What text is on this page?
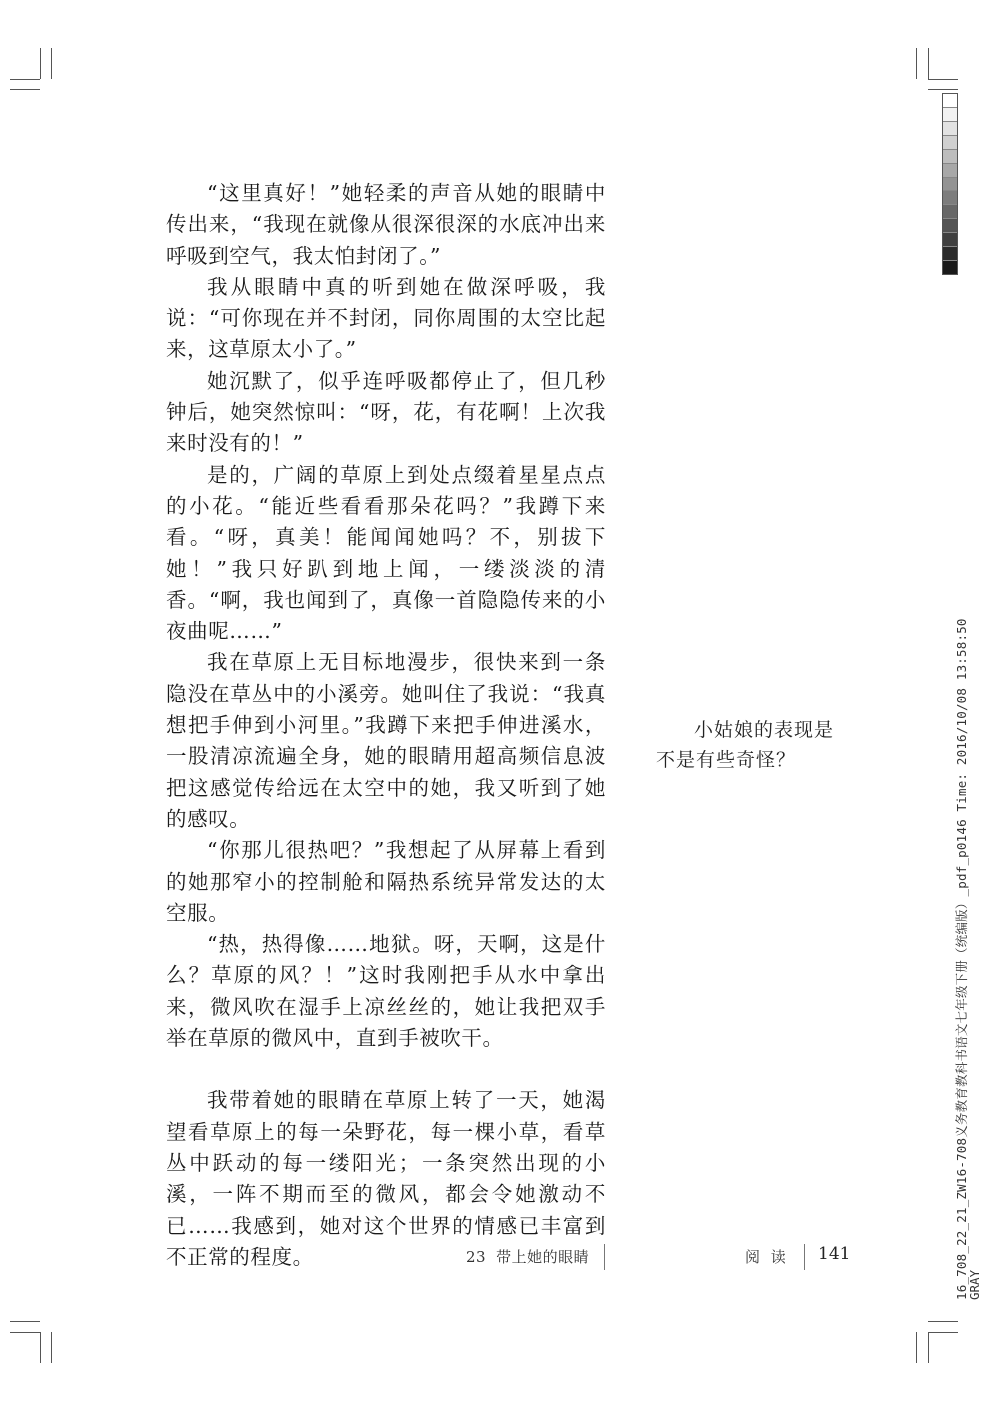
“这里真好！”她轻柔的声音从她的眼睛中传出来，“我现在就像从很深很深的水底冲出来呼吸到空气，我太怕封闭了。”

我从眼睛中真的听到她在做深呼吸，我说：“可你现在并不封闭，同你周围的太空比起来，这草原太小了。”

她沉默了，似乎连呼吸都停止了，但几秒钟后，她突然惊叫：“呀，花，有花啊！上次我来时没有的！”

是的，广阔的草原上到处点缀着星星点点的小花。“能近些看看那朵花吗？”我蹲下来看。“呀，真美！能闻闻她吗？不，别拔下她！”我只好趴到地上闻，一缕淡淡的清香。“啊，我也闻到了，真像一首隐隐传来的小夜曲呢……”

我在草原上无目标地漫步，很快来到一条隐没在草丛中的小溪旁。她叫住了我说：“我真想把手伸到小河里。”我蹲下来把手伸进溪水，一股清凉流遍全身，她的眼睛用超高频信息波把这感觉传给远在太空中的她，我又听到了她的感叹。

“你那儿很热吧？”我想起了从屏幕上看到的她那窄小的控制舱和隔热系统异常发达的太空服。

“热，热得像……地狱。呀，天啊，这是什么？草原的风？！”这时我刚把手从水中拿出来，微风吹在湿手上凉丝丝的，她让我把双手举在草原的微风中，直到手被吹干。

我带着她的眼睛在草原上转了一天，她渴望看草原上的每一朵野花，每一棵小草，看草丛中跃动的每一缕阳光；一条突然出现的小溪，一阵不期而至的微风，都会令她激动不已……我感到，她对这个世界的情感已丰富到不正常的程度。

小姑娘的表现是
不是有些奇怪？
23 带上她的眼睛	阅 读 141	16_708_22_21_ZW16-708义务教育教科书语文七年级下册（统编版）_pdf_p0146 Time: 2016/10/08 13:58:50
GRAY
